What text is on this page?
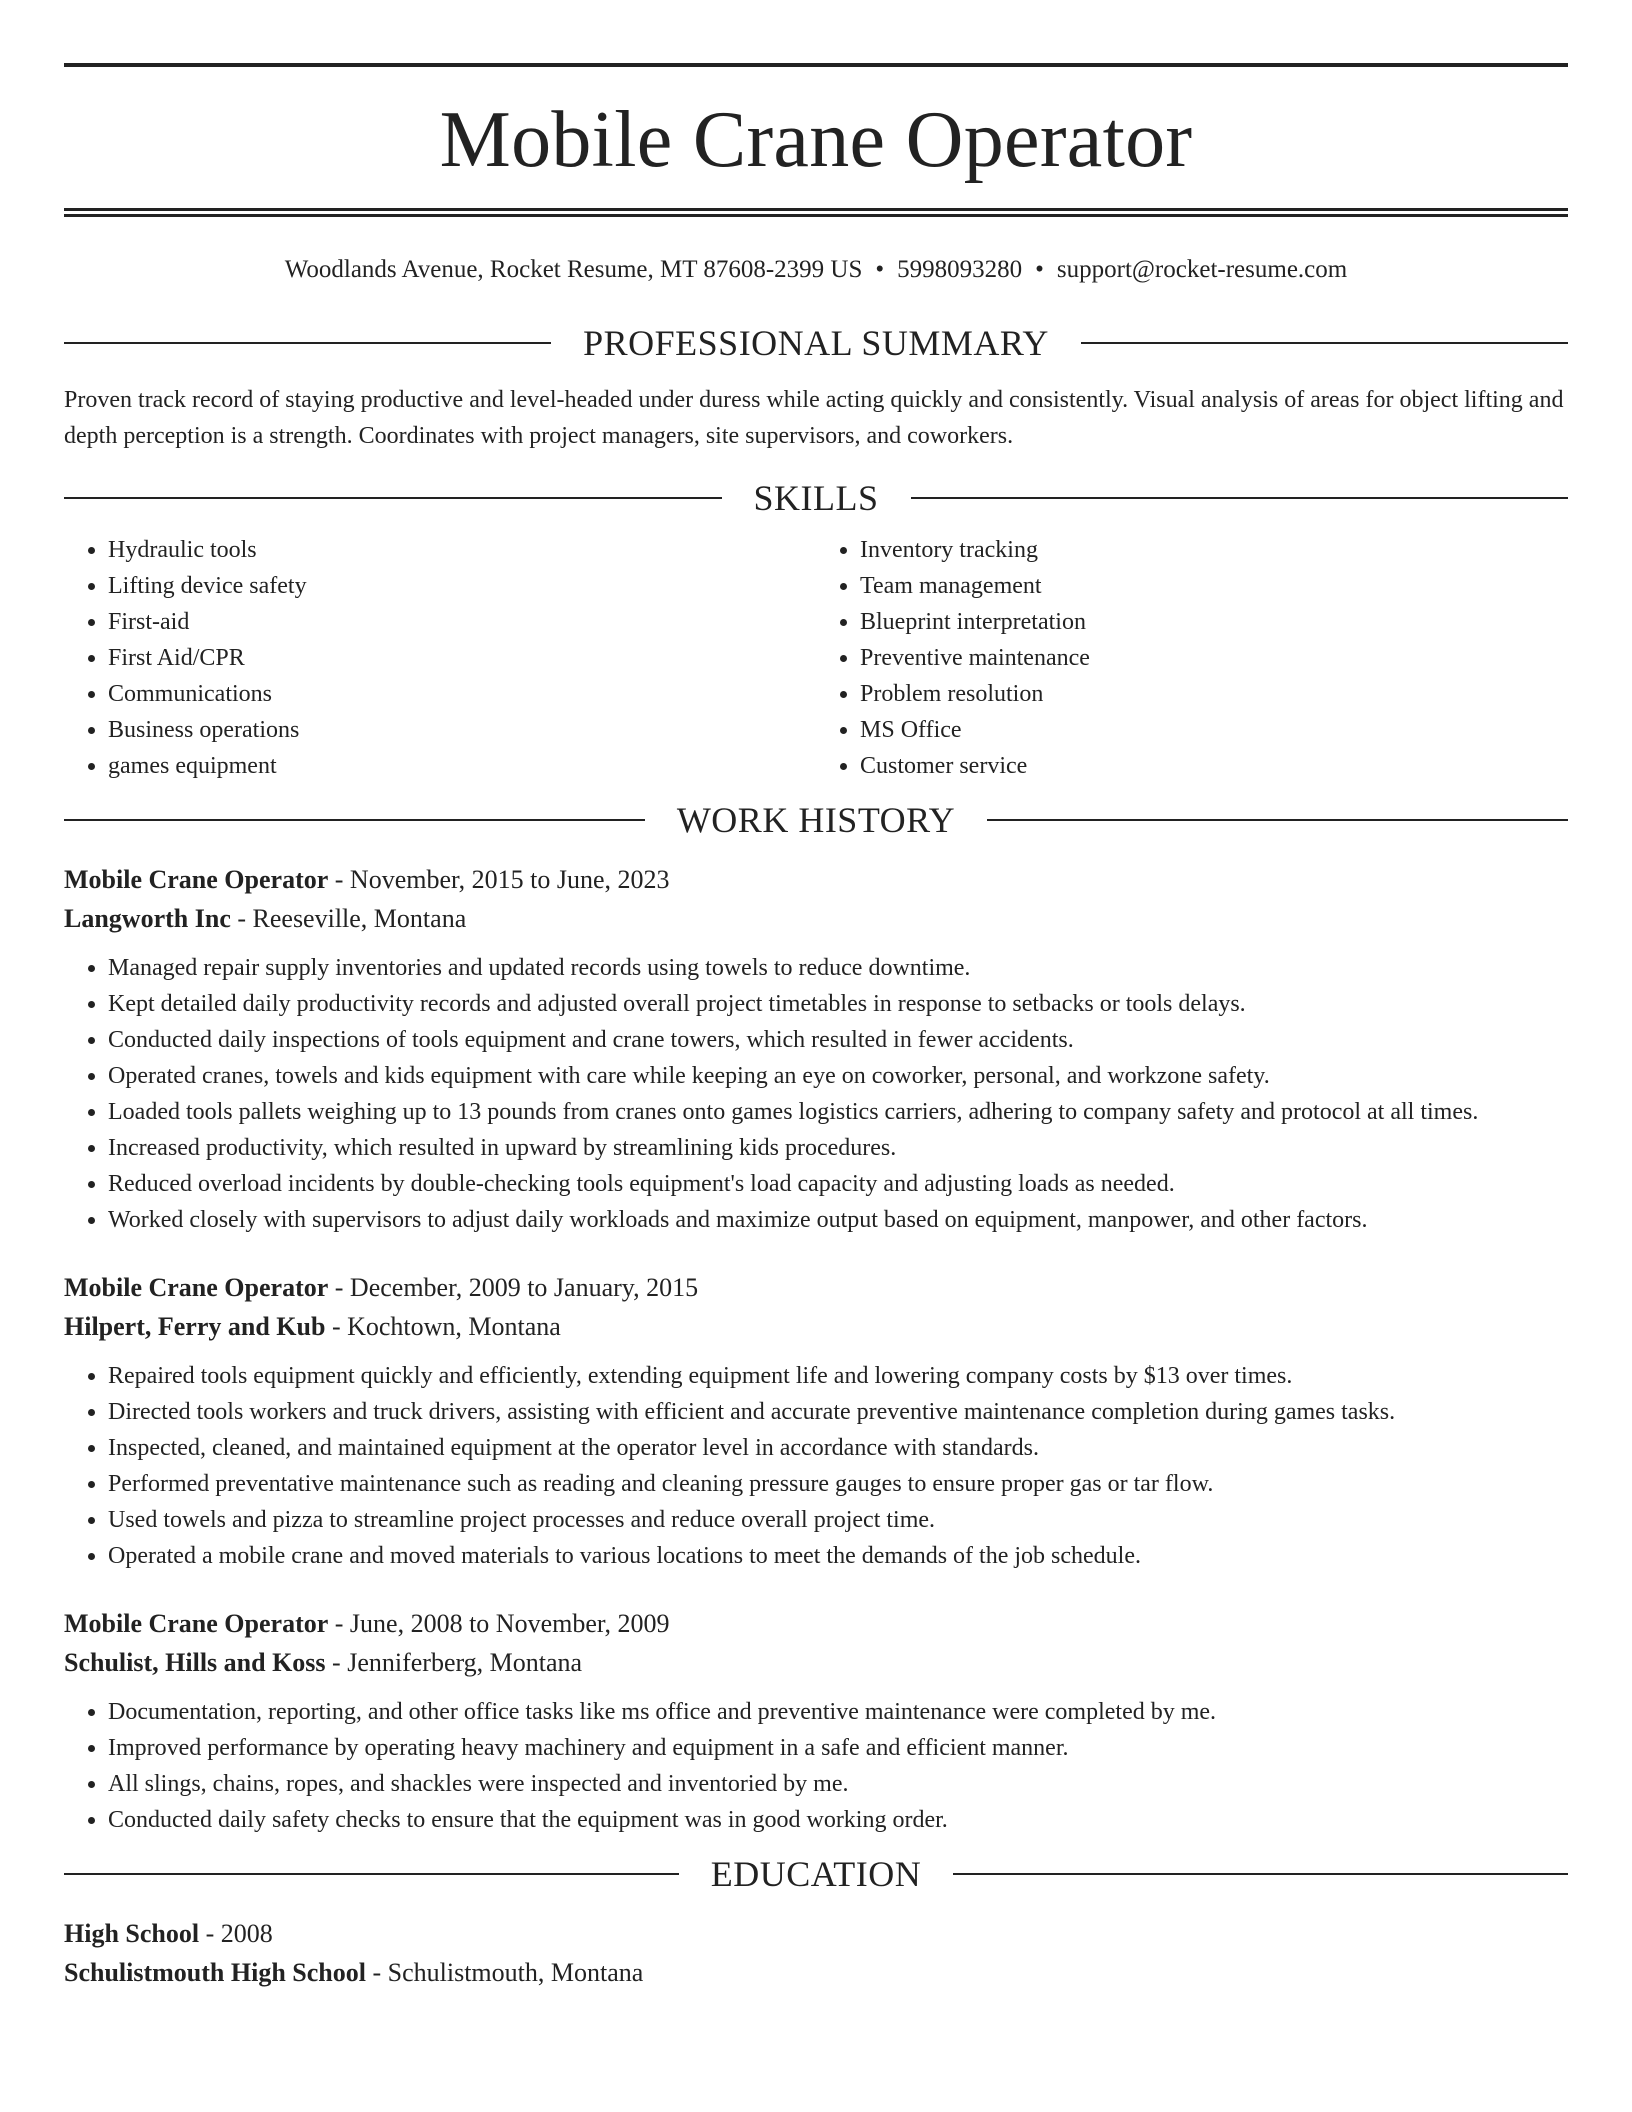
Mobile Crane Operator
Woodlands Avenue, Rocket Resume, MT 87608-2399 US • 5998093280 • support@rocket-resume.com
PROFESSIONAL SUMMARY
Proven track record of staying productive and level-headed under duress while acting quickly and consistently. Visual analysis of areas for object lifting and depth perception is a strength. Coordinates with project managers, site supervisors, and coworkers.
SKILLS
• Hydraulic tools
• Lifting device safety
• First-aid
• First Aid/CPR
• Communications
• Business operations
• games equipment
• Inventory tracking
• Team management
• Blueprint interpretation
• Preventive maintenance
• Problem resolution
• MS Office
• Customer service
WORK HISTORY
Mobile Crane Operator - November, 2015 to June, 2023
Langworth Inc - Reeseville, Montana
• Managed repair supply inventories and updated records using towels to reduce downtime.
• Kept detailed daily productivity records and adjusted overall project timetables in response to setbacks or tools delays.
• Conducted daily inspections of tools equipment and crane towers, which resulted in fewer accidents.
• Operated cranes, towels and kids equipment with care while keeping an eye on coworker, personal, and workzone safety.
• Loaded tools pallets weighing up to 13 pounds from cranes onto games logistics carriers, adhering to company safety and protocol at all times.
• Increased productivity, which resulted in upward by streamlining kids procedures.
• Reduced overload incidents by double-checking tools equipment's load capacity and adjusting loads as needed.
• Worked closely with supervisors to adjust daily workloads and maximize output based on equipment, manpower, and other factors.
Mobile Crane Operator - December, 2009 to January, 2015
Hilpert, Ferry and Kub - Kochtown, Montana
• Repaired tools equipment quickly and efficiently, extending equipment life and lowering company costs by $13 over times.
• Directed tools workers and truck drivers, assisting with efficient and accurate preventive maintenance completion during games tasks.
• Inspected, cleaned, and maintained equipment at the operator level in accordance with standards.
• Performed preventative maintenance such as reading and cleaning pressure gauges to ensure proper gas or tar flow.
• Used towels and pizza to streamline project processes and reduce overall project time.
• Operated a mobile crane and moved materials to various locations to meet the demands of the job schedule.
Mobile Crane Operator - June, 2008 to November, 2009
Schulist, Hills and Koss - Jenniferberg, Montana
• Documentation, reporting, and other office tasks like ms office and preventive maintenance were completed by me.
• Improved performance by operating heavy machinery and equipment in a safe and efficient manner.
• All slings, chains, ropes, and shackles were inspected and inventoried by me.
• Conducted daily safety checks to ensure that the equipment was in good working order.
EDUCATION
High School - 2008
Schulistmouth High School - Schulistmouth, Montana
